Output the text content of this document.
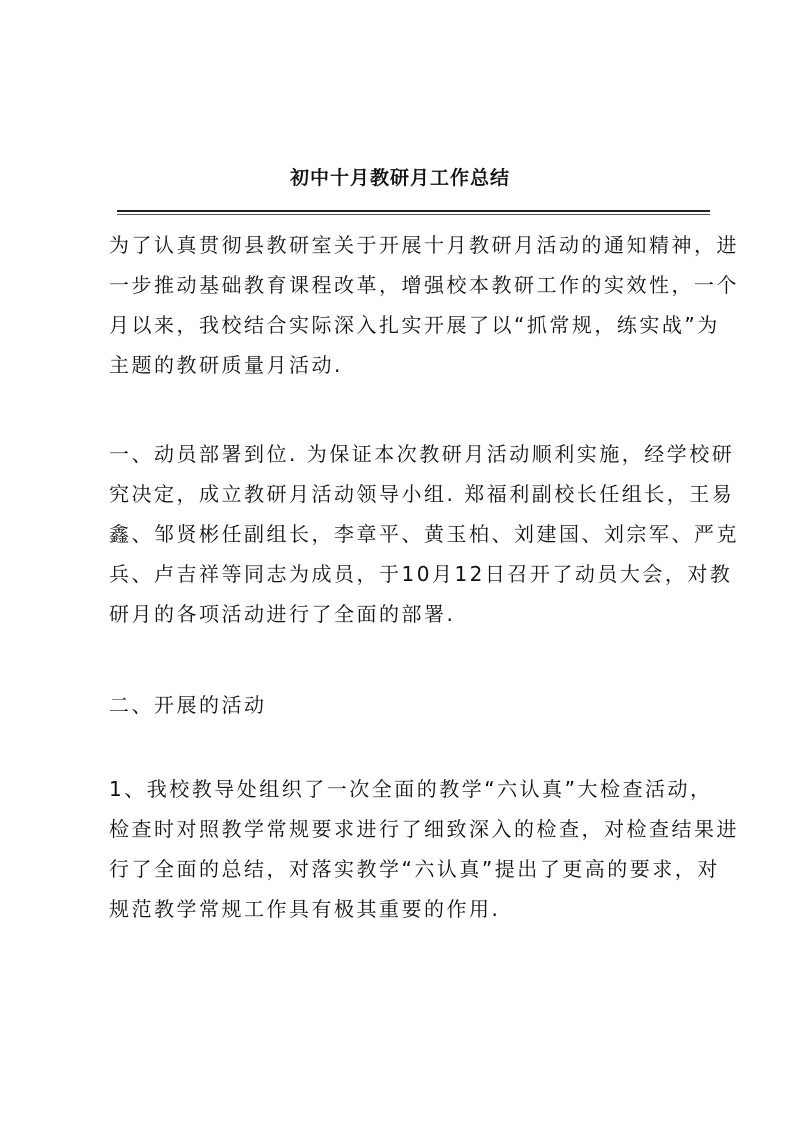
初中十月教研月工作总结

为了认真贯彻县教研室关于开展十月教研月活动的通知精神，进
一步推动基础教育课程改革，增强校本教研工作的实效性，一个
月以来，我校结合实际深入扎实开展了以“抓常规，练实战”为
主题的教研质量月活动.

一、动员部署到位. 为保证本次教研月活动顺利实施，经学校研
究决定，成立教研月活动领导小组. 郑福利副校长任组长，王易
鑫、邹贤彬任副组长，李章平、黄玉柏、刘建国、刘宗军、严克
兵、卢吉祥等同志为成员，于10月12日召开了动员大会，对教
研月的各项活动进行了全面的部署.

二、开展的活动

1、我校教导处组织了一次全面的教学“六认真”大检查活动，
检查时对照教学常规要求进行了细致深入的检查，对检查结果进
行了全面的总结，对落实教学“六认真”提出了更高的要求，对
规范教学常规工作具有极其重要的作用.
